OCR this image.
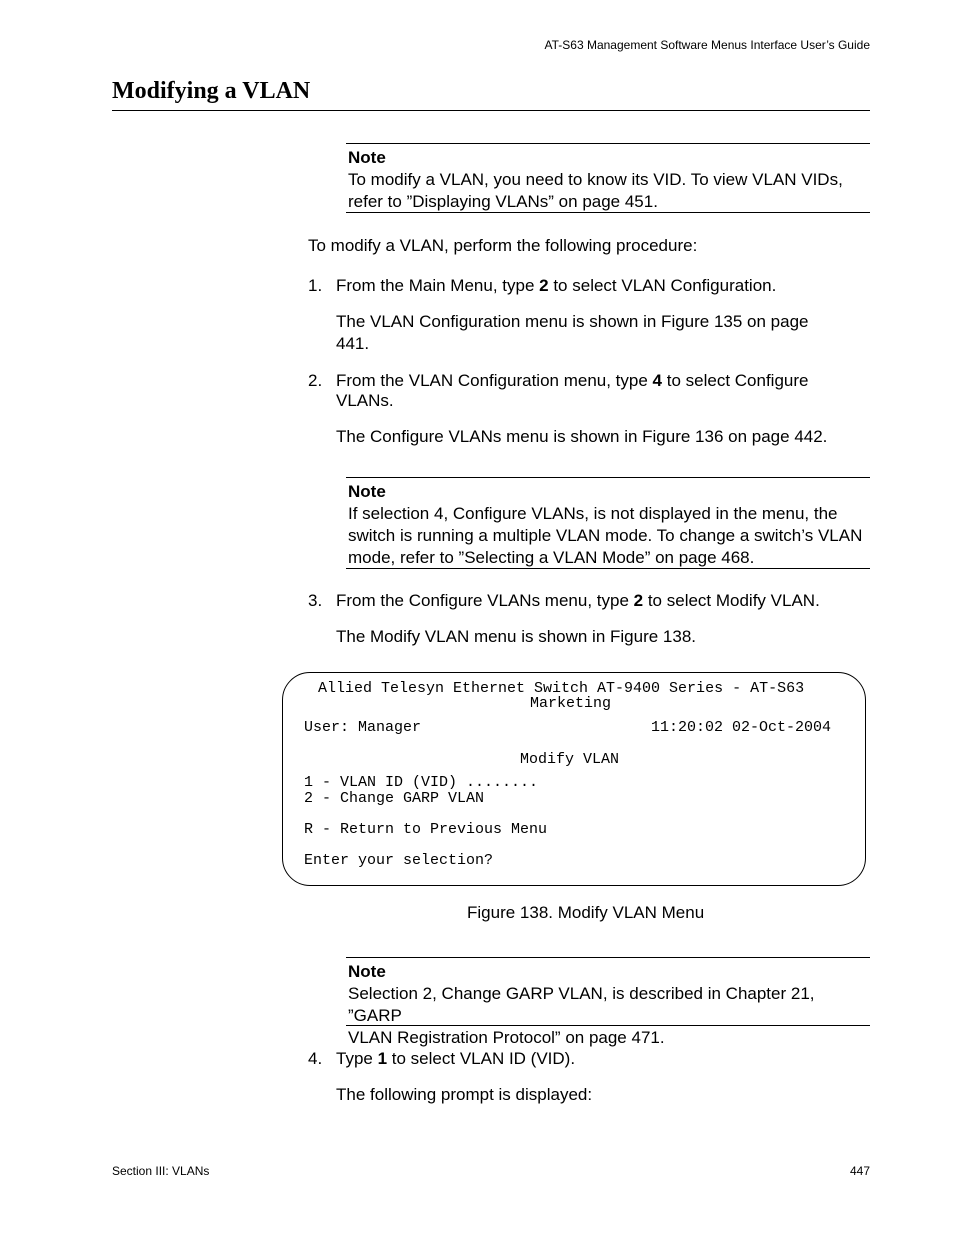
AT-S63 Management Software Menus Interface User’s Guide
Modifying a VLAN
Note
To modify a VLAN, you need to know its VID. To view VLAN VIDs,
refer to ”Displaying VLANs” on page 451.
To modify a VLAN, perform the following procedure:
1. From the Main Menu, type 2 to select VLAN Configuration.
The VLAN Configuration menu is shown in Figure 135 on page
441.
2. From the VLAN Configuration menu, type 4 to select Configure
VLANs.
The Configure VLANs menu is shown in Figure 136 on page 442.
Note
If selection 4, Configure VLANs, is not displayed in the menu, the
switch is running a multiple VLAN mode. To change a switch’s VLAN
mode, refer to ”Selecting a VLAN Mode” on page 468.
3. From the Configure VLANs menu, type 2 to select Modify VLAN.
The Modify VLAN menu is shown in Figure 138.
Allied Telesyn Ethernet Switch AT-9400 Series - AT-S63
Marketing
User: Manager	11:20:02 02-Oct-2004
Modify VLAN
1 - VLAN ID (VID) ........
2 - Change GARP VLAN
R - Return to Previous Menu
Enter your selection?
Figure 138. Modify VLAN Menu
Note
Selection 2, Change GARP VLAN, is described in Chapter 21, ”GARP
VLAN Registration Protocol” on page 471.
4. Type 1 to select VLAN ID (VID).
The following prompt is displayed:
Section III: VLANs	447
